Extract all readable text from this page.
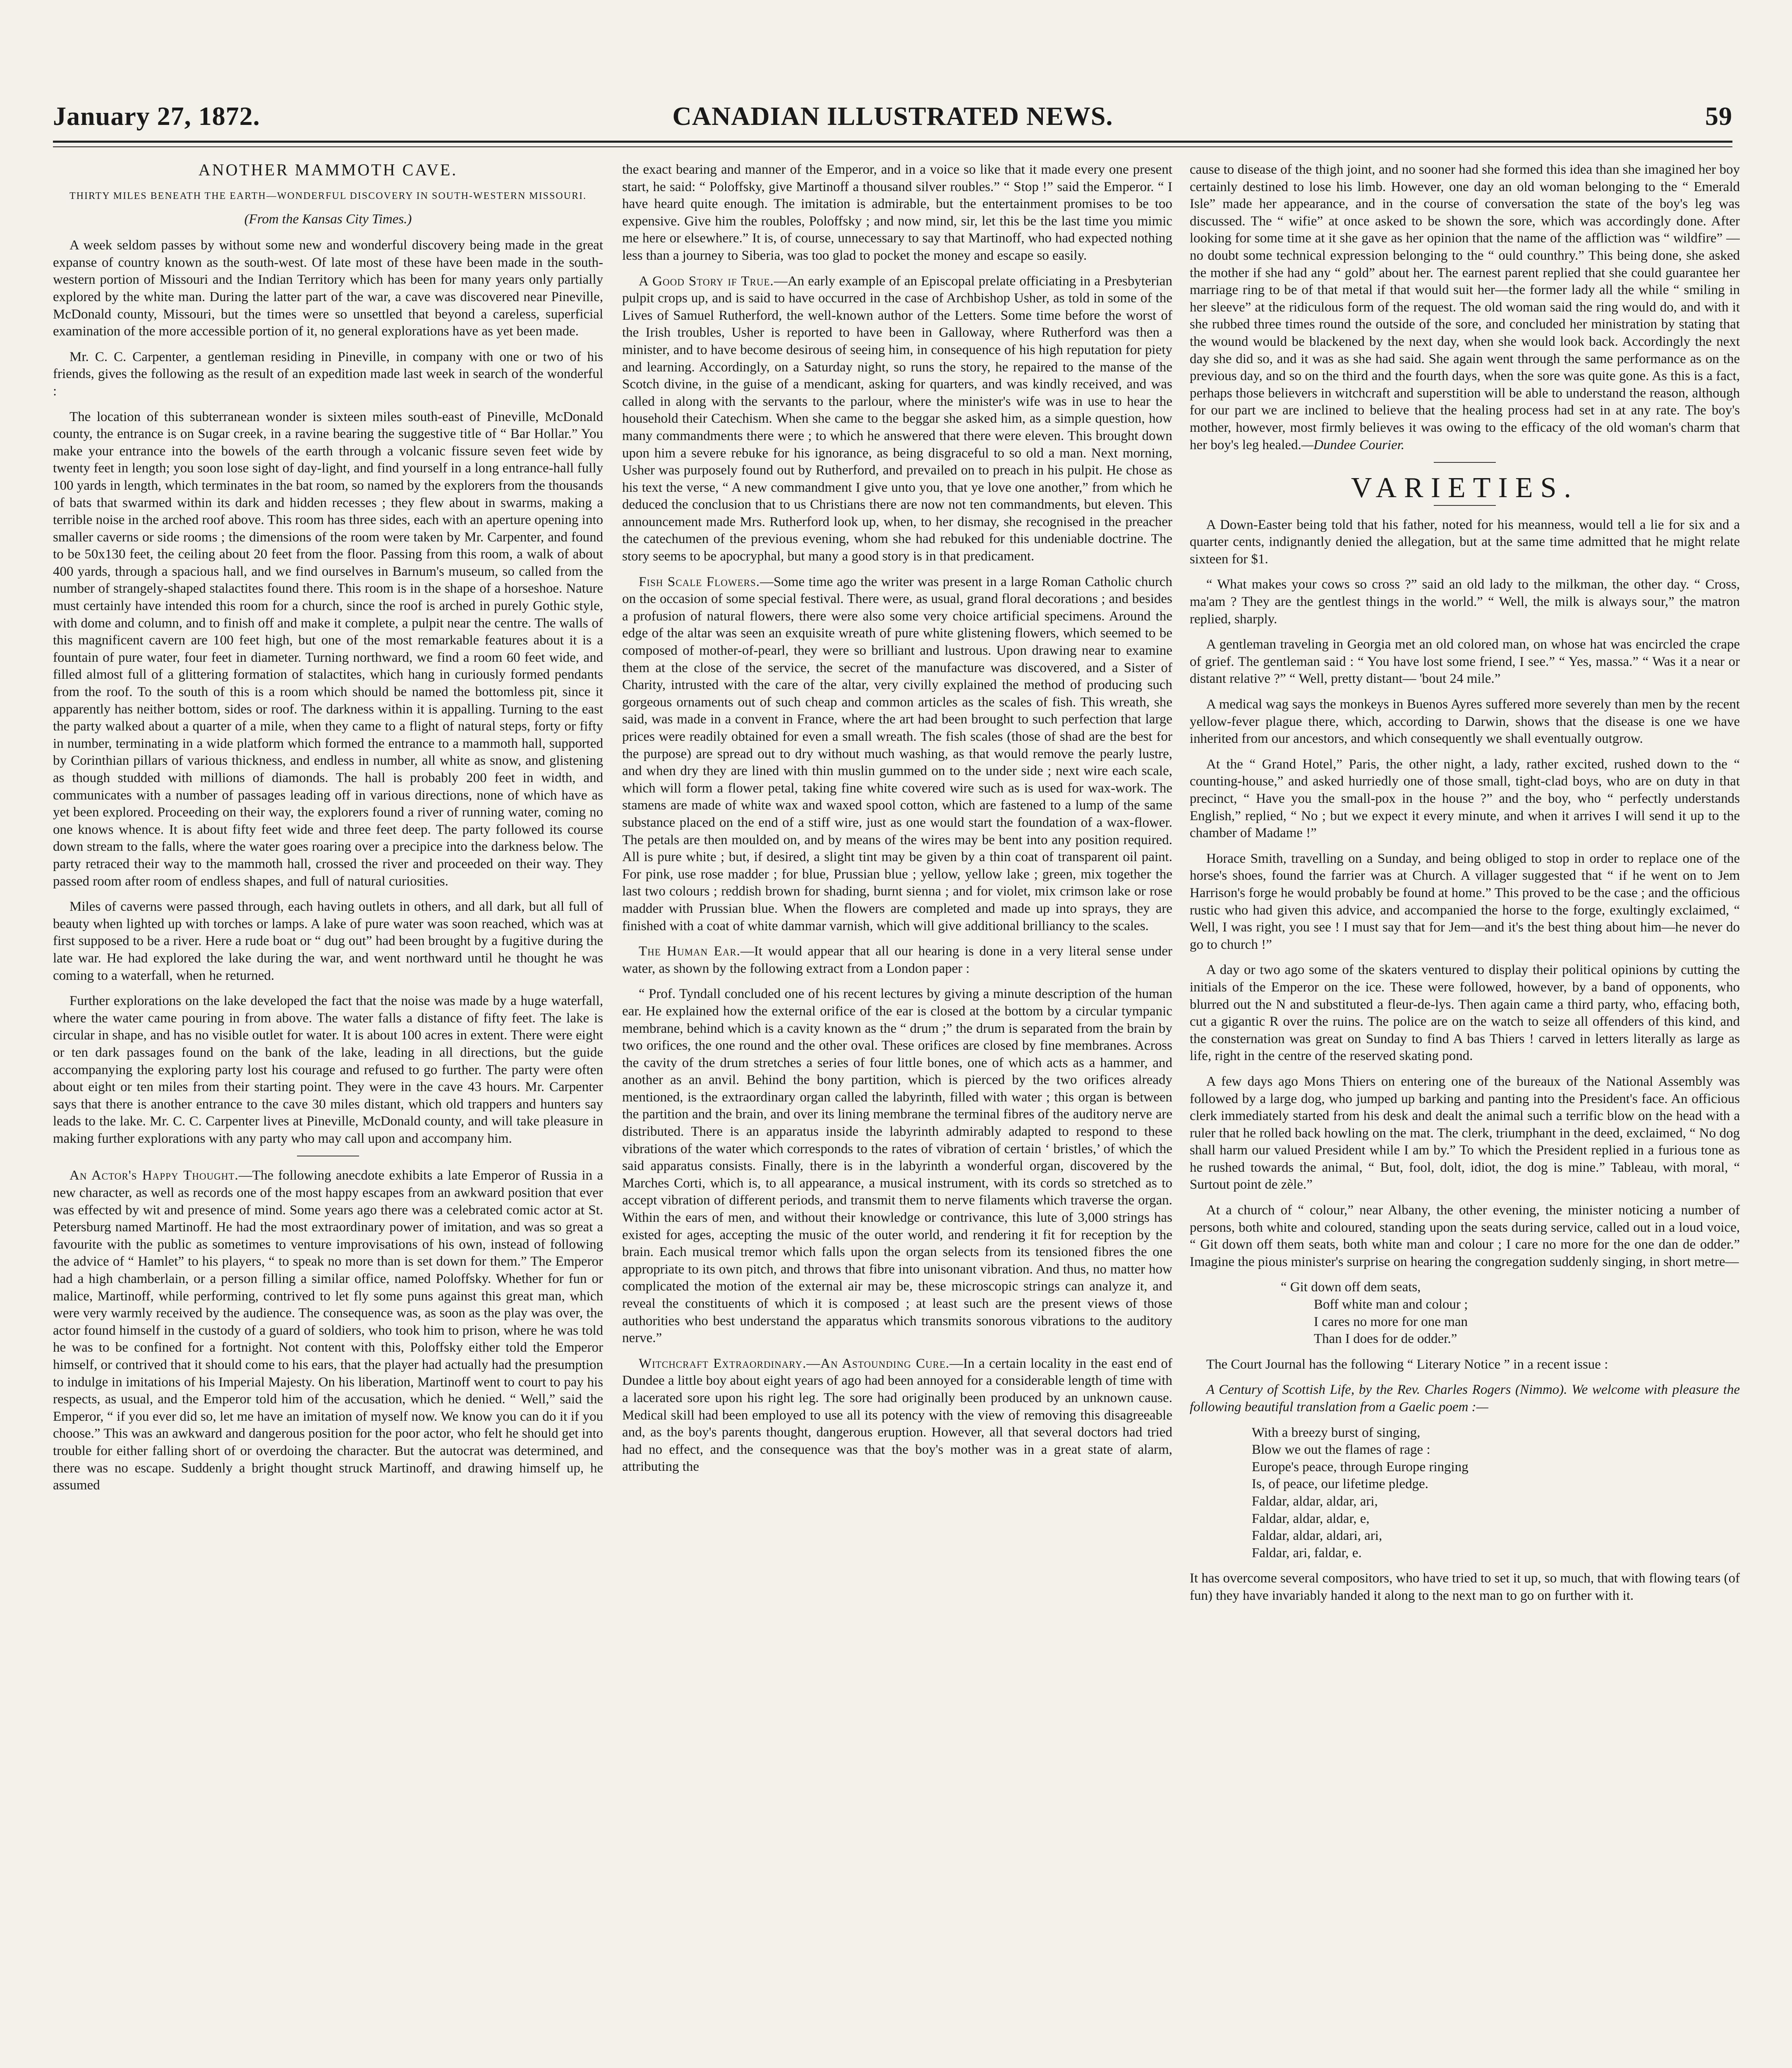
CANADIAN ILLUSTRATED NEWS.
January 27, 1872.	59
ANOTHER MAMMOTH CAVE.
THIRTY MILES BENEATH THE EARTH—WONDERFUL DISCOVERY IN SOUTH-WESTERN MISSOURI.
(From the Kansas City Times.)

A week seldom passes by without some new and wonderful discovery being made in the great expanse of country known as the south-west. Of late most of these have been made in the south-western portion of Missouri and the Indian Territory which has been for many years only partially explored by the white man. During the latter part of the war, a cave was discovered near Pineville, McDonald county, Missouri, but the times were so unsettled that beyond a careless, superficial examination of the more accessible portion of it, no general explorations have as yet been made.

Mr. C. C. Carpenter, a gentleman residing in Pineville, in company with one or two of his friends, gives the following as the result of an expedition made last week in search of the wonderful :

The location of this subterranean wonder is sixteen miles south-east of Pineville, McDonald county, the entrance is on Sugar creek, in a ravine bearing the suggestive title of “ Bar Hollar.” You make your entrance into the bowels of the earth through a volcanic fissure seven feet wide by twenty feet in length; you soon lose sight of day-light, and find yourself in a long entrance-hall fully 100 yards in length, which terminates in the bat room, so named by the explorers from the thousands of bats that swarmed within its dark and hidden recesses ; they flew about in swarms, making a terrible noise in the arched roof above. This room has three sides, each with an aperture opening into smaller caverns or side rooms ; the dimensions of the room were taken by Mr. Carpenter, and found to be 50x130 feet, the ceiling about 20 feet from the floor. Passing from this room, a walk of about 400 yards, through a spacious hall, and we find ourselves in Barnum's museum, so called from the number of strangely-shaped stalactites found there. This room is in the shape of a horseshoe. Nature must certainly have intended this room for a church, since the roof is arched in purely Gothic style, with dome and column, and to finish off and make it complete, a pulpit near the centre. The walls of this magnificent cavern are 100 feet high, but one of the most remarkable features about it is a fountain of pure water, four feet in diameter. Turning northward, we find a room 60 feet wide, and filled almost full of a glittering formation of stalactites, which hang in curiously formed pendants from the roof. To the south of this is a room which should be named the bottomless pit, since it apparently has neither bottom, sides or roof. The darkness within it is appalling. Turning to the east the party walked about a quarter of a mile, when they came to a flight of natural steps, forty or fifty in number, terminating in a wide platform which formed the entrance to a mammoth hall, supported by Corinthian pillars of various thickness, and endless in number, all white as snow, and glistening as though studded with millions of diamonds. The hall is probably 200 feet in width, and communicates with a number of passages leading off in various directions, none of which have as yet been explored. Proceeding on their way, the explorers found a river of running water, coming no one knows whence. It is about fifty feet wide and three feet deep. The party followed its course down stream to the falls, where the water goes roaring over a precipice into the darkness below. The party retraced their way to the mammoth hall, crossed the river and proceeded on their way. They passed room after room of endless shapes, and full of natural curiosities.

Miles of caverns were passed through, each having outlets in others, and all dark, but all full of beauty when lighted up with torches or lamps. A lake of pure water was soon reached, which was at first supposed to be a river. Here a rude boat or “ dug out” had been brought by a fugitive during the late war. He had explored the lake during the war, and went northward until he thought he was coming to a waterfall, when he returned.

Further explorations on the lake developed the fact that the noise was made by a huge waterfall, where the water came pouring in from above. The water falls a distance of fifty feet. The lake is circular in shape, and has no visible outlet for water. It is about 100 acres in extent. There were eight or ten dark passages found on the bank of the lake, leading in all directions, but the guide accompanying the exploring party lost his courage and refused to go further. The party were often about eight or ten miles from their starting point. They were in the cave 43 hours. Mr. Carpenter says that there is another entrance to the cave 30 miles distant, which old trappers and hunters say leads to the lake. Mr. C. C. Carpenter lives at Pineville, McDonald county, and will take pleasure in making further explorations with any party who may call upon and accompany him.

An Actor's Happy Thought.—The following anecdote exhibits a late Emperor of Russia in a new character, as well as records one of the most happy escapes from an awkward position that ever was effected by wit and presence of mind. Some years ago there was a celebrated comic actor at St. Petersburg named Martinoff. He had the most extraordinary power of imitation, and was so great a favourite with the public as sometimes to venture improvisations of his own, instead of following the advice of “ Hamlet” to his players, “ to speak no more than is set down for them.” The Emperor had a high chamberlain, or a person filling a similar office, named Poloffsky. Whether for fun or malice, Martinoff, while performing, contrived to let fly some puns against this great man, which were very warmly received by the audience. The consequence was, as soon as the play was over, the actor found himself in the custody of a guard of soldiers, who took him to prison, where he was told he was to be confined for a fortnight. Not content with this, Poloffsky either told the Emperor himself, or contrived that it should come to his ears, that the player had actually had the presumption to indulge in imitations of his Imperial Majesty. On his liberation, Martinoff went to court to pay his respects, as usual, and the Emperor told him of the accusation, which he denied. “ Well,” said the Emperor, “ if you ever did so, let me have an imitation of myself now. We know you can do it if you choose.” This was an awkward and dangerous position for the poor actor, who felt he should get into trouble for either falling short of or overdoing the character. But the autocrat was determined, and there was no escape. Suddenly a bright thought struck Martinoff, and drawing himself up, he assumed

the exact bearing and manner of the Emperor, and in a voice so like that it made every one present start, he said: “ Poloffsky, give Martinoff a thousand silver roubles.” “ Stop !” said the Emperor. “ I have heard quite enough. The imitation is admirable, but the entertainment promises to be too expensive. Give him the roubles, Poloffsky ; and now mind, sir, let this be the last time you mimic me here or elsewhere.” It is, of course, unnecessary to say that Martinoff, who had expected nothing less than a journey to Siberia, was too glad to pocket the money and escape so easily.

A Good Story if True.—An early example of an Episcopal prelate officiating in a Presbyterian pulpit crops up, and is said to have occurred in the case of Archbishop Usher, as told in some of the Lives of Samuel Rutherford, the well-known author of the Letters. Some time before the worst of the Irish troubles, Usher is reported to have been in Galloway, where Rutherford was then a minister, and to have become desirous of seeing him, in consequence of his high reputation for piety and learning. Accordingly, on a Saturday night, so runs the story, he repaired to the manse of the Scotch divine, in the guise of a mendicant, asking for quarters, and was kindly received, and was called in along with the servants to the parlour, where the minister's wife was in use to hear the household their Catechism. When she came to the beggar she asked him, as a simple question, how many commandments there were ; to which he answered that there were eleven. This brought down upon him a severe rebuke for his ignorance, as being disgraceful to so old a man. Next morning, Usher was purposely found out by Rutherford, and prevailed on to preach in his pulpit. He chose as his text the verse, “ A new commandment I give unto you, that ye love one another,” from which he deduced the conclusion that to us Christians there are now not ten commandments, but eleven. This announcement made Mrs. Rutherford look up, when, to her dismay, she recognised in the preacher the catechumen of the previous evening, whom she had rebuked for this undeniable doctrine. The story seems to be apocryphal, but many a good story is in that predicament.

Fish Scale Flowers.—Some time ago the writer was present in a large Roman Catholic church on the occasion of some special festival. There were, as usual, grand floral decorations ; and besides a profusion of natural flowers, there were also some very choice artificial specimens. Around the edge of the altar was seen an exquisite wreath of pure white glistening flowers, which seemed to be composed of mother-of-pearl, they were so brilliant and lustrous. Upon drawing near to examine them at the close of the service, the secret of the manufacture was discovered, and a Sister of Charity, intrusted with the care of the altar, very civilly explained the method of producing such gorgeous ornaments out of such cheap and common articles as the scales of fish. This wreath, she said, was made in a convent in France, where the art had been brought to such perfection that large prices were readily obtained for even a small wreath. The fish scales (those of shad are the best for the purpose) are spread out to dry without much washing, as that would remove the pearly lustre, and when dry they are lined with thin muslin gummed on to the under side ; next wire each scale, which will form a flower petal, taking fine white covered wire such as is used for wax-work. The stamens are made of white wax and waxed spool cotton, which are fastened to a lump of the same substance placed on the end of a stiff wire, just as one would start the foundation of a wax-flower. The petals are then moulded on, and by means of the wires may be bent into any position required. All is pure white ; but, if desired, a slight tint may be given by a thin coat of transparent oil paint. For pink, use rose madder ; for blue, Prussian blue ; yellow, yellow lake ; green, mix together the last two colours ; reddish brown for shading, burnt sienna ; and for violet, mix crimson lake or rose madder with Prussian blue. When the flowers are completed and made up into sprays, they are finished with a coat of white dammar varnish, which will give additional brilliancy to the scales.

The Human Ear.—It would appear that all our hearing is done in a very literal sense under water, as shown by the following extract from a London paper :

“ Prof. Tyndall concluded one of his recent lectures by giving a minute description of the human ear. He explained how the external orifice of the ear is closed at the bottom by a circular tympanic membrane, behind which is a cavity known as the “ drum ;” the drum is separated from the brain by two orifices, the one round and the other oval. These orifices are closed by fine membranes. Across the cavity of the drum stretches a series of four little bones, one of which acts as a hammer, and another as an anvil. Behind the bony partition, which is pierced by the two orifices already mentioned, is the extraordinary organ called the labyrinth, filled with water ; this organ is between the partition and the brain, and over its lining membrane the terminal fibres of the auditory nerve are distributed. There is an apparatus inside the labyrinth admirably adapted to respond to these vibrations of the water which corresponds to the rates of vibration of certain ‘ bristles,’ of which the said apparatus consists. Finally, there is in the labyrinth a wonderful organ, discovered by the Marches Corti, which is, to all appearance, a musical instrument, with its cords so stretched as to accept vibration of different periods, and transmit them to nerve filaments which traverse the organ. Within the ears of men, and without their knowledge or contrivance, this lute of 3,000 strings has existed for ages, accepting the music of the outer world, and rendering it fit for reception by the brain. Each musical tremor which falls upon the organ selects from its tensioned fibres the one appropriate to its own pitch, and throws that fibre into unisonant vibration. And thus, no matter how complicated the motion of the external air may be, these microscopic strings can analyze it, and reveal the constituents of which it is composed ; at least such are the present views of those authorities who best understand the apparatus which transmits sonorous vibrations to the auditory nerve.”

Witchcraft Extraordinary.—An Astounding Cure.—In a certain locality in the east end of Dundee a little boy about eight years of ago had been annoyed for a considerable length of time with a lacerated sore upon his right leg. The sore had originally been produced by an unknown cause. Medical skill had been employed to use all its potency with the view of removing this disagreeable and, as the boy's parents thought, dangerous eruption. However, all that several doctors had tried had no effect, and the consequence was that the boy's mother was in a great state of alarm, attributing the

cause to disease of the thigh joint, and no sooner had she formed this idea than she imagined her boy certainly destined to lose his limb. However, one day an old woman belonging to the “ Emerald Isle” made her appearance, and in the course of conversation the state of the boy's leg was discussed. The “ wifie” at once asked to be shown the sore, which was accordingly done. After looking for some time at it she gave as her opinion that the name of the affliction was “ wildfire” —no doubt some technical expression belonging to the “ ould counthry.” This being done, she asked the mother if she had any “ gold” about her. The earnest parent replied that she could guarantee her marriage ring to be of that metal if that would suit her—the former lady all the while “ smiling in her sleeve” at the ridiculous form of the request. The old woman said the ring would do, and with it she rubbed three times round the outside of the sore, and concluded her ministration by stating that the wound would be blackened by the next day, when she would look back. Accordingly the next day she did so, and it was as she had said. She again went through the same performance as on the previous day, and so on the third and the fourth days, when the sore was quite gone. As this is a fact, perhaps those believers in witchcraft and superstition will be able to understand the reason, although for our part we are inclined to believe that the healing process had set in at any rate. The boy's mother, however, most firmly believes it was owing to the efficacy of the old woman's charm that her boy's leg healed.—Dundee Courier.

VARIETIES.

A Down-Easter being told that his father, noted for his meanness, would tell a lie for six and a quarter cents, indignantly denied the allegation, but at the same time admitted that he might relate sixteen for $1.

“ What makes your cows so cross ?” said an old lady to the milkman, the other day. “ Cross, ma'am ? They are the gentlest things in the world.” “ Well, the milk is always sour,” the matron replied, sharply.

A gentleman traveling in Georgia met an old colored man, on whose hat was encircled the crape of grief. The gentleman said : “ You have lost some friend, I see.” “ Yes, massa.” “ Was it a near or distant relative ?” “ Well, pretty distant— 'bout 24 mile.”

A medical wag says the monkeys in Buenos Ayres suffered more severely than men by the recent yellow-fever plague there, which, according to Darwin, shows that the disease is one we have inherited from our ancestors, and which consequently we shall eventually outgrow.

At the “ Grand Hotel,” Paris, the other night, a lady, rather excited, rushed down to the “ counting-house,” and asked hurriedly one of those small, tight-clad boys, who are on duty in that precinct, “ Have you the small-pox in the house ?” and the boy, who “ perfectly understands English,” replied, “ No ; but we expect it every minute, and when it arrives I will send it up to the chamber of Madame !”

Horace Smith, travelling on a Sunday, and being obliged to stop in order to replace one of the horse's shoes, found the farrier was at Church. A villager suggested that “ if he went on to Jem Harrison's forge he would probably be found at home.” This proved to be the case ; and the officious rustic who had given this advice, and accompanied the horse to the forge, exultingly exclaimed, “ Well, I was right, you see ! I must say that for Jem—and it's the best thing about him—he never do go to church !”

A day or two ago some of the skaters ventured to display their political opinions by cutting the initials of the Emperor on the ice. These were followed, however, by a band of opponents, who blurred out the N and substituted a fleur-de-lys. Then again came a third party, who, effacing both, cut a gigantic R over the ruins. The police are on the watch to seize all offenders of this kind, and the consternation was great on Sunday to find A bas Thiers ! carved in letters literally as large as life, right in the centre of the reserved skating pond.

A few days ago Mons Thiers on entering one of the bureaux of the National Assembly was followed by a large dog, who jumped up barking and panting into the President's face. An officious clerk immediately started from his desk and dealt the animal such a terrific blow on the head with a ruler that he rolled back howling on the mat. The clerk, triumphant in the deed, exclaimed, “ No dog shall harm our valued President while I am by.” To which the President replied in a furious tone as he rushed towards the animal, “ But, fool, dolt, idiot, the dog is mine.” Tableau, with moral, “ Surtout point de zèle.”

At a church of “ colour,” near Albany, the other evening, the minister noticing a number of persons, both white and coloured, standing upon the seats during service, called out in a loud voice, “ Git down off them seats, both white man and colour ; I care no more for the one dan de odder.” Imagine the pious minister's surprise on hearing the congregation suddenly singing, in short metre—

“ Git down off dem seats,
Boff white man and colour ;
I cares no more for one man
Than I does for de odder.”

The Court Journal has the following “ Literary Notice ” in a recent issue :

A Century of Scottish Life, by the Rev. Charles Rogers (Nimmo). We welcome with pleasure the following beautiful translation from a Gaelic poem :—

With a breezy burst of singing,
Blow we out the flames of rage :
Europe's peace, through Europe ringing
Is, of peace, our lifetime pledge.
Faldar, aldar, aldar, ari,
Faldar, aldar, aldar, e,
Faldar, aldar, aldari, ari,
Faldar, ari, faldar, e.

It has overcome several compositors, who have tried to set it up, so much, that with flowing tears (of fun) they have invariably handed it along to the next man to go on further with it.
